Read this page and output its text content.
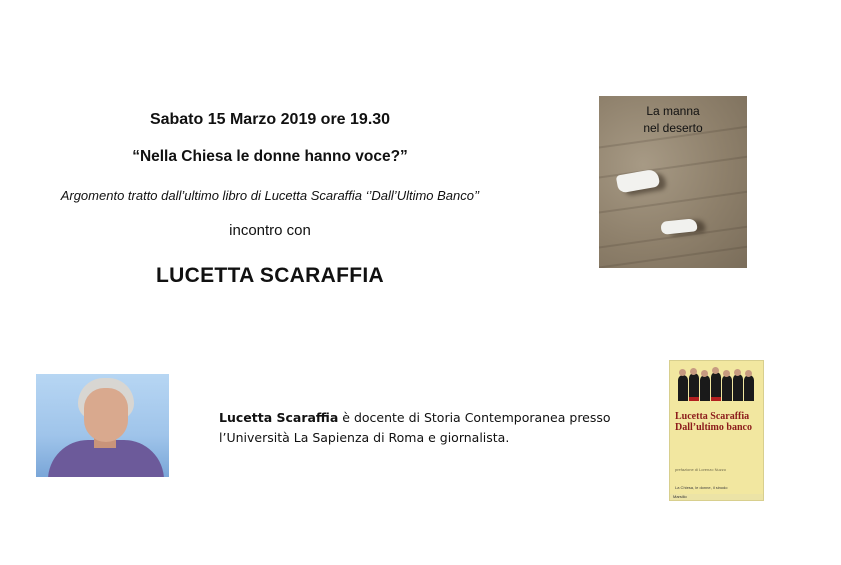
Sabato 15 Marzo 2019 ore 19.30
“Nella Chiesa le donne hanno voce?”
Argomento tratto dall’ultimo libro di Lucetta Scaraffia ‘’Dall’Ultimo Banco’’
incontro con
LUCETTA SCARAFFIA
La manna
nel deserto
Lucetta Scaraffia è docente di Storia Contemporanea presso
l’Università La Sapienza di Roma e giornalista.
Lucetta Scaraffia
Dall’ultimo banco
prefazione di Lorenzo Nuzzo
La Chiesa, le donne, il sinodo
Marsilio
